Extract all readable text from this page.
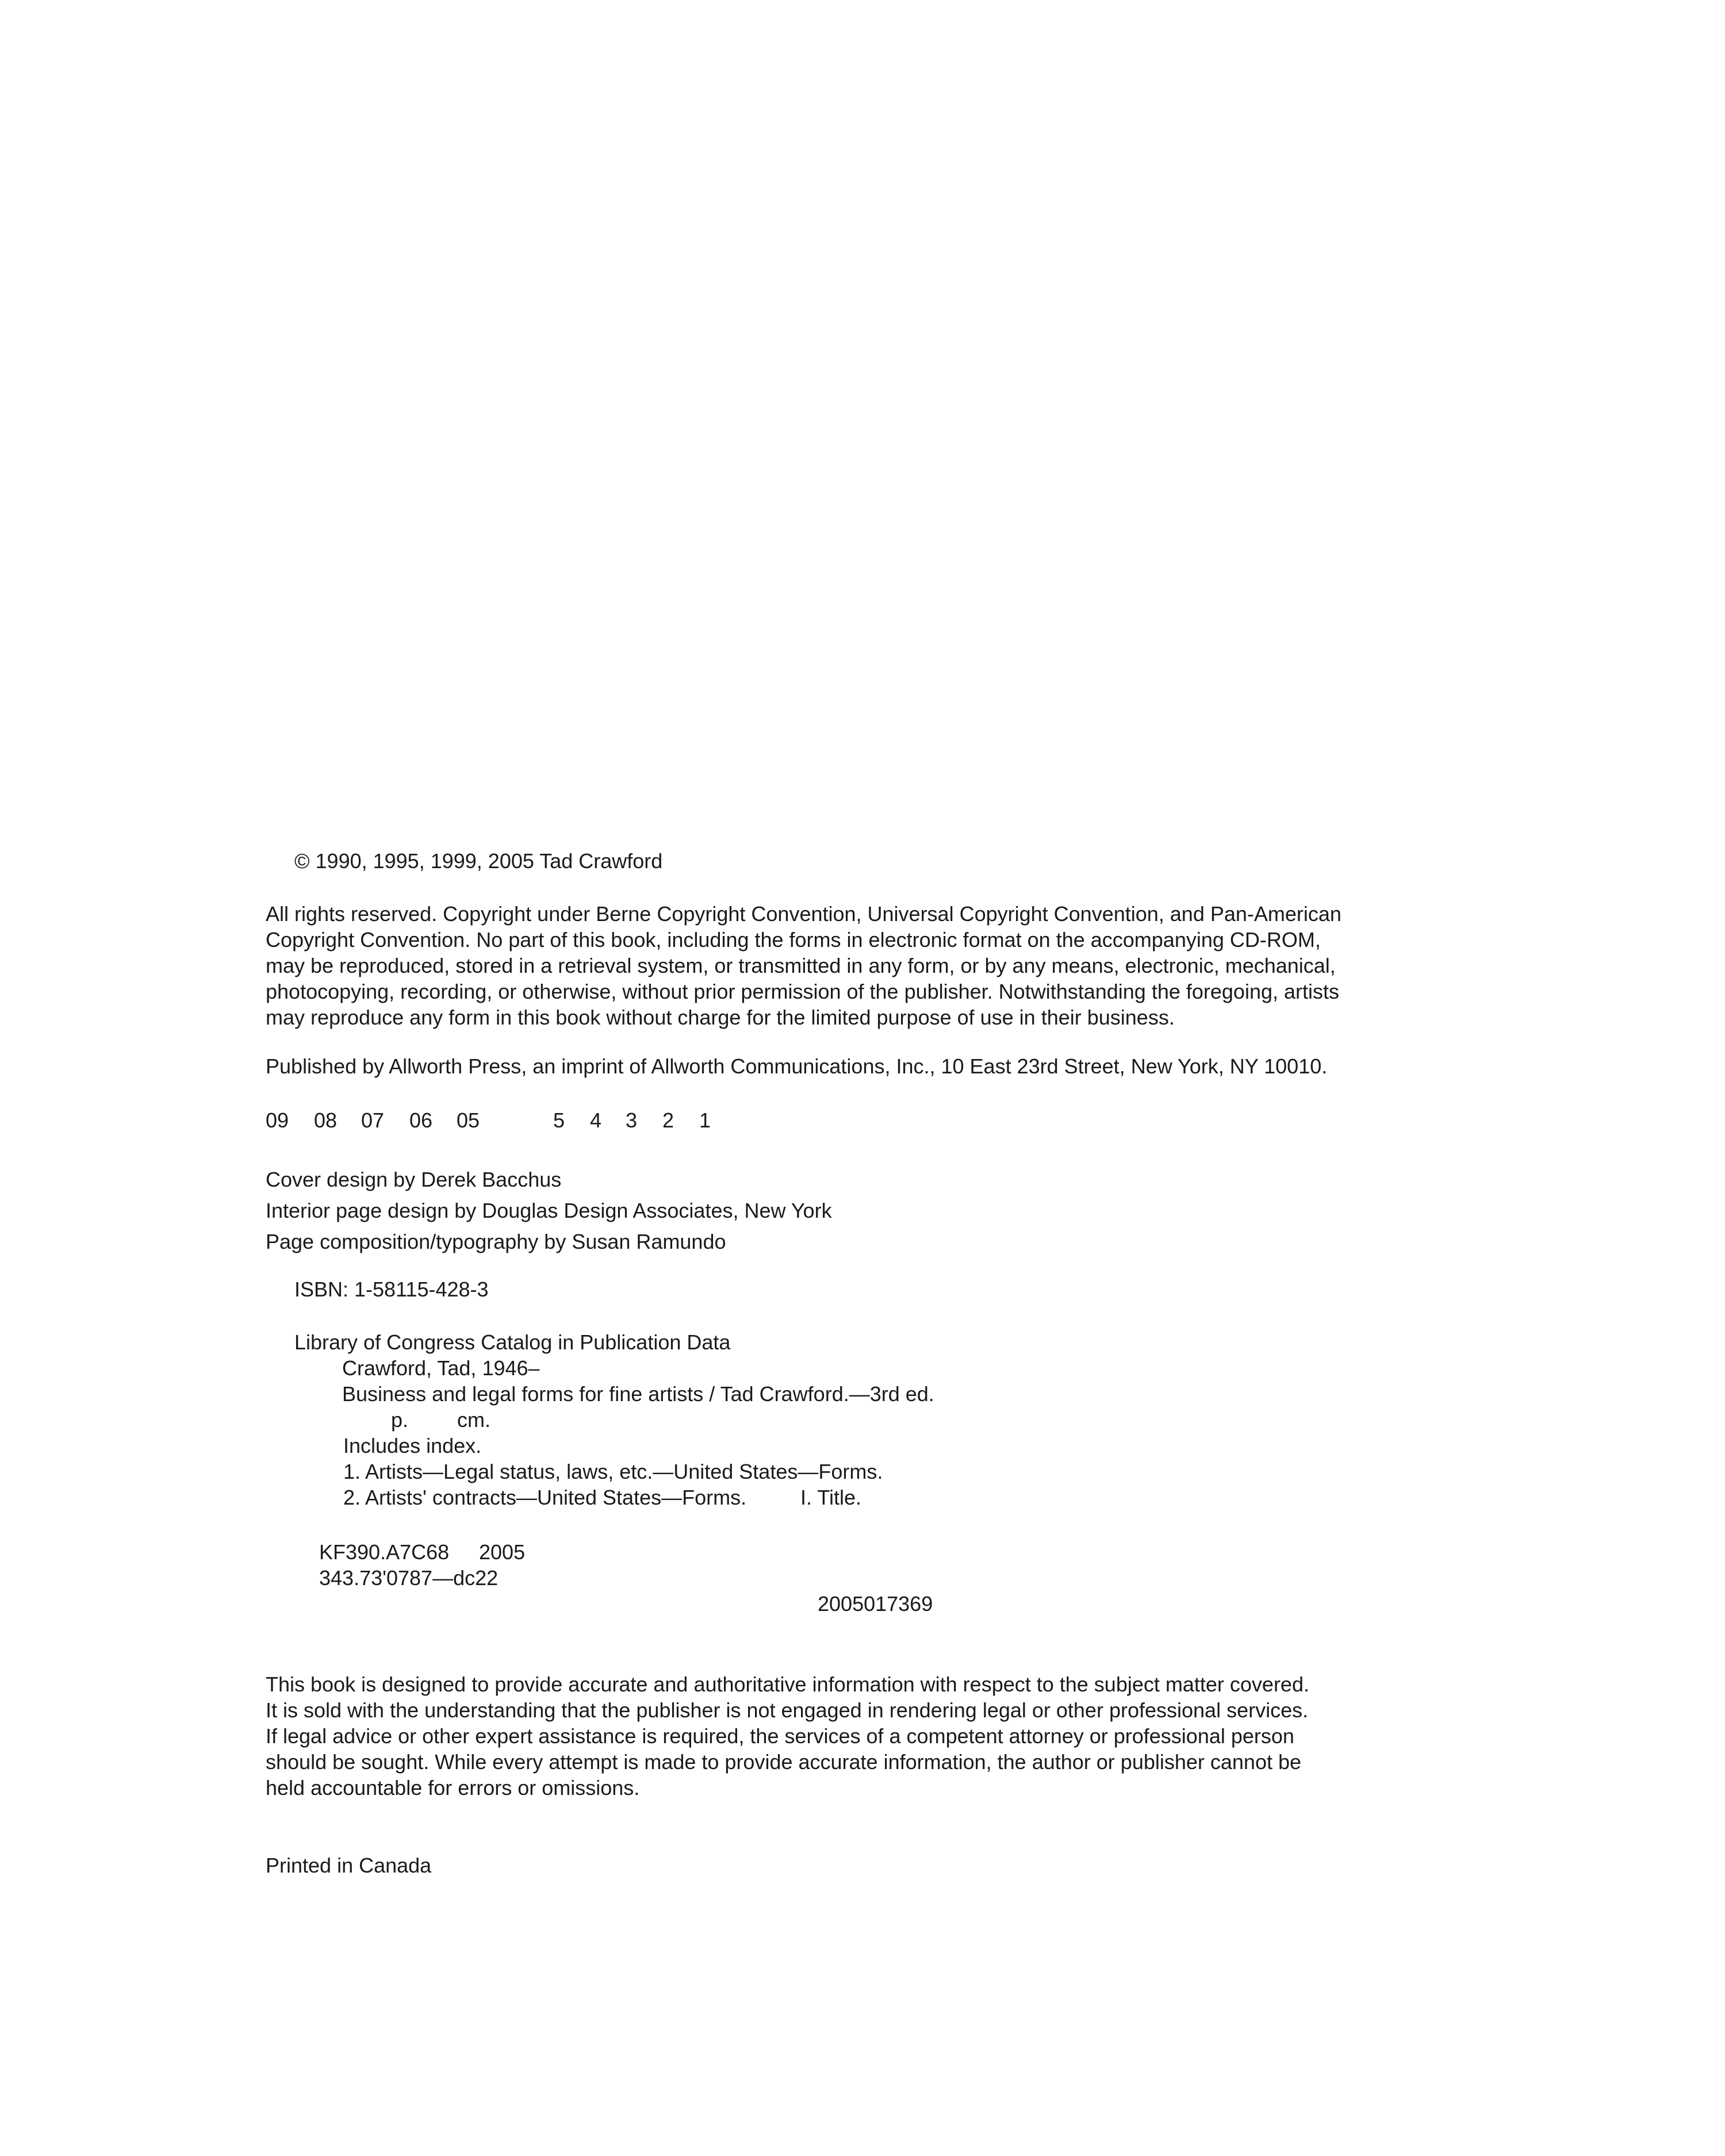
© 1990, 1995, 1999, 2005 Tad Crawford
All rights reserved. Copyright under Berne Copyright Convention, Universal Copyright Convention, and Pan-American
Copyright Convention. No part of this book, including the forms in electronic format on the accompanying CD-ROM,
may be reproduced, stored in a retrieval system, or transmitted in any form, or by any means, electronic, mechanical,
photocopying, recording, or otherwise, without prior permission of the publisher. Notwithstanding the foregoing, artists
may reproduce any form in this book without charge for the limited purpose of use in their business.
Published by Allworth Press, an imprint of Allworth Communications, Inc., 10 East 23rd Street, New York, NY 10010.
09 08 07 06 05	5 4 3 2 1
Cover design by Derek Bacchus
Interior page design by Douglas Design Associates, New York
Page composition/typography by Susan Ramundo
ISBN: 1-58115-428-3
Library of Congress Catalog in Publication Data
Crawford, Tad, 1946–
Business and legal forms for fine artists / Tad Crawford.—3rd ed.
p. cm.
Includes index.
1. Artists—Legal status, laws, etc.—United States—Forms.
2. Artists' contracts—United States—Forms.	I. Title.
KF390.A7C68 2005
343.73'0787—dc22
2005017369
This book is designed to provide accurate and authoritative information with respect to the subject matter covered.
It is sold with the understanding that the publisher is not engaged in rendering legal or other professional services.
If legal advice or other expert assistance is required, the services of a competent attorney or professional person
should be sought. While every attempt is made to provide accurate information, the author or publisher cannot be
held accountable for errors or omissions.
Printed in Canada
